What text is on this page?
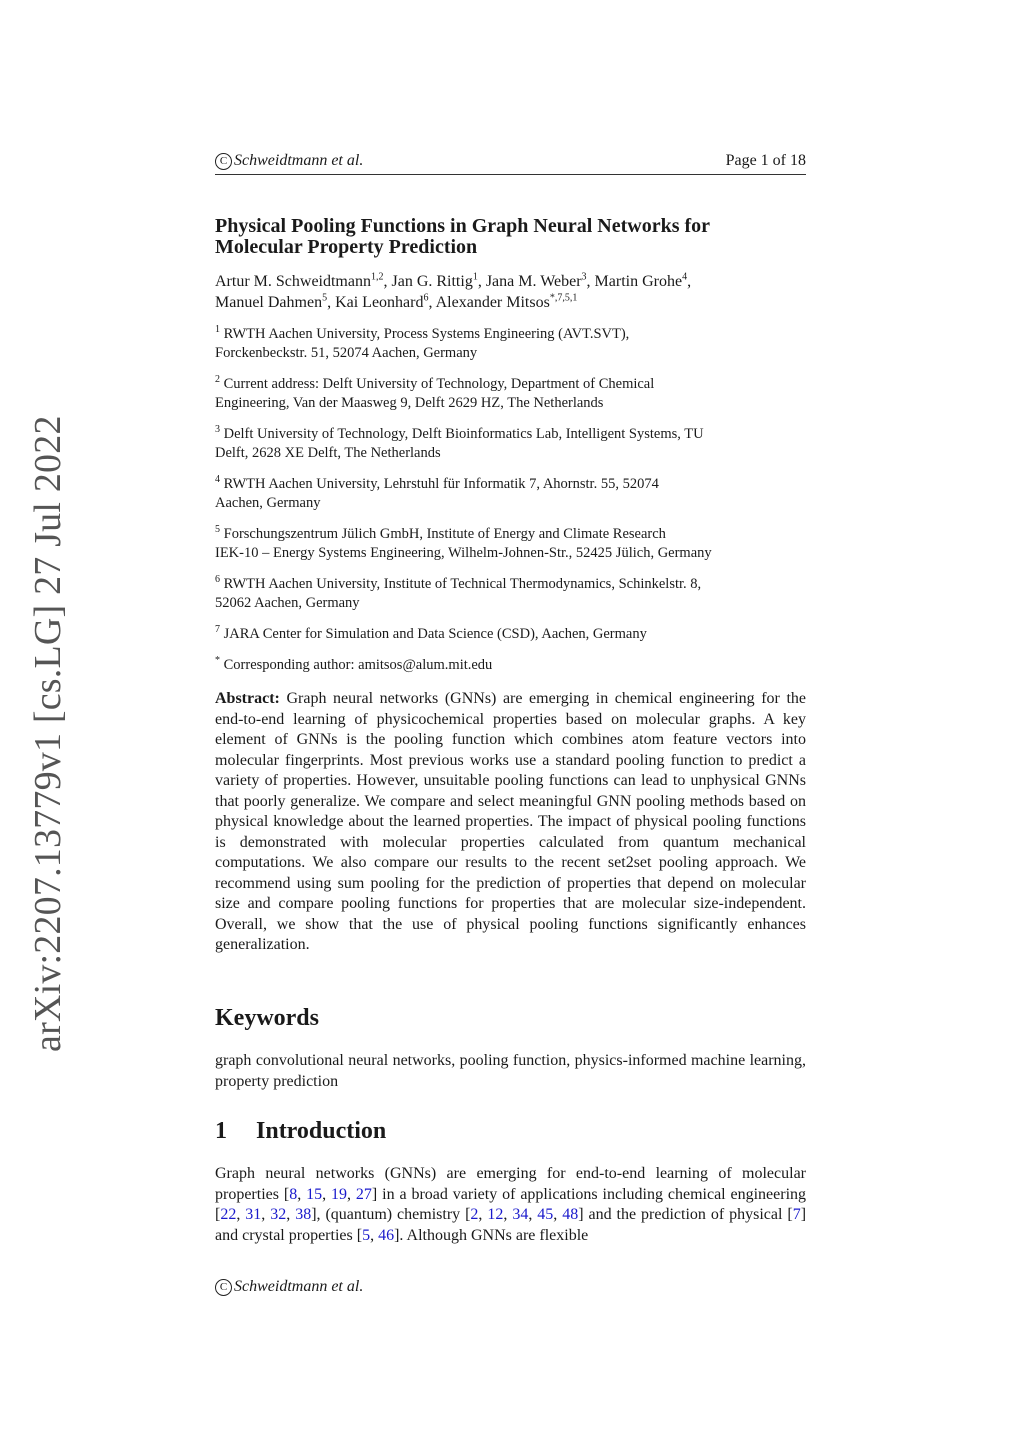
C Schweidtmann et al.	Page 1 of 18
arXiv:2207.13779v1 [cs.LG] 27 Jul 2022
Physical Pooling Functions in Graph Neural Networks for
Molecular Property Prediction
Artur M. Schweidtmann$^{1,2}$, Jan G. Rittig$^1$, Jana M. Weber$^3$, Martin Grohe$^4$,
Manuel Dahmen$^5$, Kai Leonhard$^6$, Alexander Mitsos$^{*,7,5,1}$
$^1$ RWTH Aachen University, Process Systems Engineering (AVT.SVT),
Forckenbeckstr. 51, 52074 Aachen, Germany
$^2$ Current address: Delft University of Technology, Department of Chemical
Engineering, Van der Maasweg 9, Delft 2629 HZ, The Netherlands
$^3$ Delft University of Technology, Delft Bioinformatics Lab, Intelligent Systems, TU
Delft, 2628 XE Delft, The Netherlands
$^4$ RWTH Aachen University, Lehrstuhl für Informatik 7, Ahornstr. 55, 52074
Aachen, Germany
$^5$ Forschungszentrum Jülich GmbH, Institute of Energy and Climate Research
IEK-10 – Energy Systems Engineering, Wilhelm-Johnen-Str., 52425 Jülich, Germany
$^6$ RWTH Aachen University, Institute of Technical Thermodynamics, Schinkelstr. 8,
52062 Aachen, Germany
$^7$ JARA Center for Simulation and Data Science (CSD), Aachen, Germany
* Corresponding author: amitsos@alum.mit.edu
Abstract: Graph neural networks (GNNs) are emerging in chemical engineering for the end-to-end learning of physicochemical properties based on molecular graphs. A key element of GNNs is the pooling function which combines atom feature vectors into molecular fingerprints. Most previous works use a standard pooling function to predict a variety of properties. However, unsuitable pooling functions can lead to unphysical GNNs that poorly generalize. We compare and select meaningful GNN pooling methods based on physical knowledge about the learned properties. The impact of physical pooling functions is demonstrated with molecular properties calculated from quantum mechanical computations. We also compare our results to the recent set2set pooling approach. We recommend using sum pooling for the prediction of properties that depend on molecular size and compare pooling functions for properties that are molecular size-independent. Overall, we show that the use of physical pooling functions significantly enhances generalization.
Keywords
graph convolutional neural networks, pooling function, physics-informed machine learning, property prediction
1 Introduction
Graph neural networks (GNNs) are emerging for end-to-end learning of molecular properties [8, 15, 19, 27] in a broad variety of applications including chemical engineering [22, 31, 32, 38], (quantum) chemistry [2, 12, 34, 45, 48] and the prediction of physical [7] and crystal properties [5, 46]. Although GNNs are flexible
C Schweidtmann et al.
